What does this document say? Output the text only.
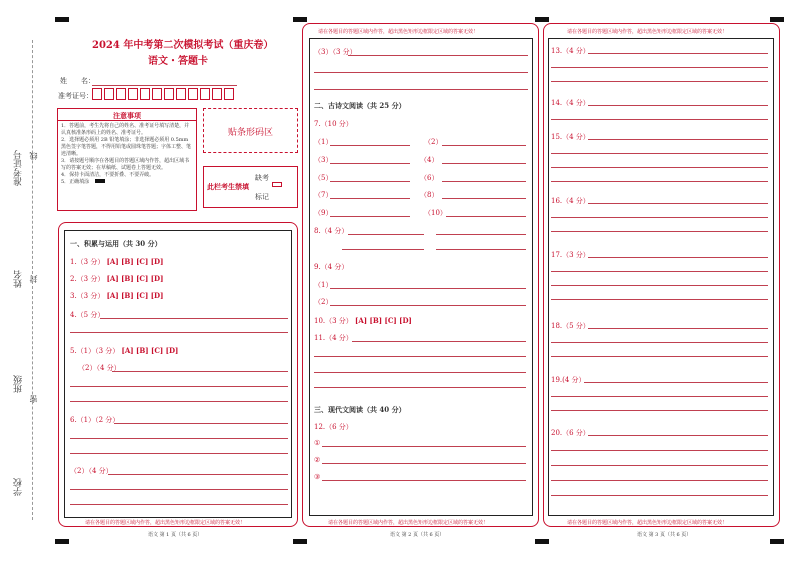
准考证号 线
姓名 封
班级
密
学校
2024 年中考第二次模拟考试（重庆卷）
语文・答题卡
姓　　名：
准考证号：
注意事项
1．答题前，考生先将自己的姓名、准考证号填写清楚，并认真核准条形码上的姓名、准考证号。
2．选择题必须用 2B 铅笔填涂；非选择题必须用 0.5mm 黑色签字笔答题，不得用铅笔或圆珠笔答题；字体工整、笔迹清晰。
3．请按题号顺序在各题目的答题区域内作答，超出区域书写的答案无效；在草稿纸、试题卷上答题无效。
4．保持卡面清洁，不要折叠、不要弄破。
5．正确填涂
贴条形码区
此栏考生禁填
缺考
标记
一、积累与运用（共 30 分）
1.（3 分） [A] [B] [C] [D]
2.（3 分） [A] [B] [C] [D]
3.（3 分） [A] [B] [C] [D]
4.（5 分）
5.（1）（3 分） [A] [B] [C] [D]
（2）（4 分）
6.（1）（2 分）
（2）（4 分）
请在各题目的答题区域内作答，超出黑色矩形边框限定区域的答案无效！
语文 第 1 页（共 6 页）
请在各题目的答题区域内作答，超出黑色矩形边框限定区域的答案无效！
（3）（3 分）
二、古诗文阅读（共 25 分）
7.（10 分）
（1）	（2）
（3）	（4）
（5）	（6）
（7）	（8）
（9）	（10）
8.（4 分）
9.（4 分）
（1）
（2）
10.（3 分） [A] [B] [C] [D]
11.（4 分）
三、现代文阅读（共 40 分）
12.（6 分）
①
②
③
请在各题目的答题区域内作答，超出黑色矩形边框限定区域的答案无效！
语文 第 2 页（共 6 页）
请在各题目的答题区域内作答，超出黑色矩形边框限定区域的答案无效！
13.（4 分）
14.（4 分）
15.（4 分）
16.（4 分）
17.（3 分）
18.（5 分）
19.(4 分）
20.（6 分）
请在各题目的答题区域内作答，超出黑色矩形边框限定区域的答案无效！
语文 第 3 页（共 6 页）
